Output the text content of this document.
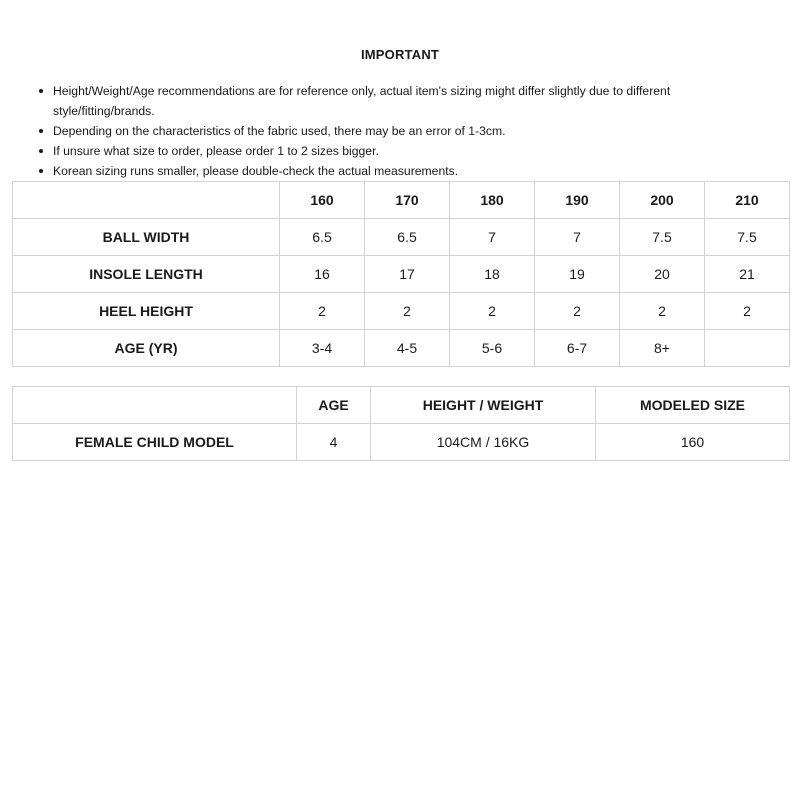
IMPORTANT
Height/Weight/Age recommendations are for reference only, actual item's sizing might differ slightly due to different style/fitting/brands.
Depending on the characteristics of the fabric used, there may be an error of 1-3cm.
If unsure what size to order, please order 1 to 2 sizes bigger.
Korean sizing runs smaller, please double-check the actual measurements.
	160	170	180	190	200	210
BALL WIDTH	6.5	6.5	7	7	7.5	7.5
INSOLE LENGTH	16	17	18	19	20	21
HEEL HEIGHT	2	2	2	2	2	2
AGE (YR)	3-4	4-5	5-6	6-7	8+	
	AGE	HEIGHT / WEIGHT	MODELED SIZE
FEMALE CHILD MODEL	4	104CM / 16KG	160
